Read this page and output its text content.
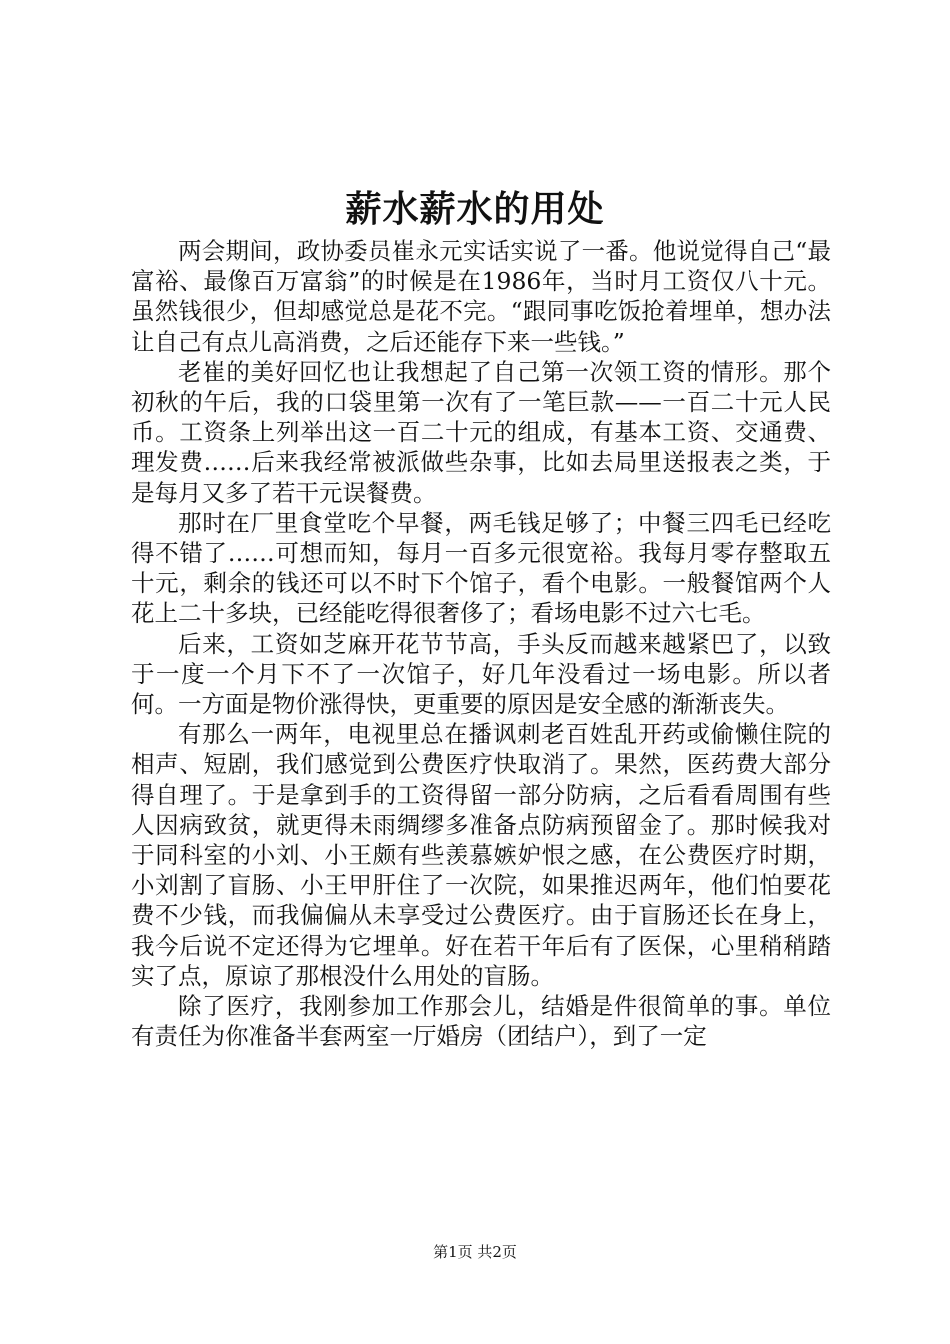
薪水薪水的用处

两会期间，政协委员崔永元实话实说了一番。他说觉得自己“最富裕、最像百万富翁”的时候是在1986年，当时月工资仅八十元。虽然钱很少，但却感觉总是花不完。“跟同事吃饭抢着埋单，想办法让自己有点儿高消费，之后还能存下来一些钱。”

老崔的美好回忆也让我想起了自己第一次领工资的情形。那个初秋的午后，我的口袋里第一次有了一笔巨款——一百二十元人民币。工资条上列举出这一百二十元的组成，有基本工资、交通费、理发费……后来我经常被派做些杂事，比如去局里送报表之类，于是每月又多了若干元误餐费。

那时在厂里食堂吃个早餐，两毛钱足够了；中餐三四毛已经吃得不错了……可想而知，每月一百多元很宽裕。我每月零存整取五十元，剩余的钱还可以不时下个馆子，看个电影。一般餐馆两个人花上二十多块，已经能吃得很奢侈了；看场电影不过六七毛。

后来，工资如芝麻开花节节高，手头反而越来越紧巴了，以致于一度一个月下不了一次馆子，好几年没看过一场电影。所以者何。一方面是物价涨得快，更重要的原因是安全感的渐渐丧失。

有那么一两年，电视里总在播讽刺老百姓乱开药或偷懒住院的相声、短剧，我们感觉到公费医疗快取消了。果然，医药费大部分得自理了。于是拿到手的工资得留一部分防病，之后看看周围有些人因病致贫，就更得未雨绸缪多准备点防病预留金了。那时候我对于同科室的小刘、小王颇有些羡慕嫉妒恨之感，在公费医疗时期，小刘割了盲肠、小王甲肝住了一次院，如果推迟两年，他们怕要花费不少钱，而我偏偏从未享受过公费医疗。由于盲肠还长在身上，我今后说不定还得为它埋单。好在若干年后有了医保，心里稍稍踏实了点，原谅了那根没什么用处的盲肠。

除了医疗，我刚参加工作那会儿，结婚是件很简单的事。单位有责任为你准备半套两室一厅婚房（团结户），到了一定

第1页 共2页
